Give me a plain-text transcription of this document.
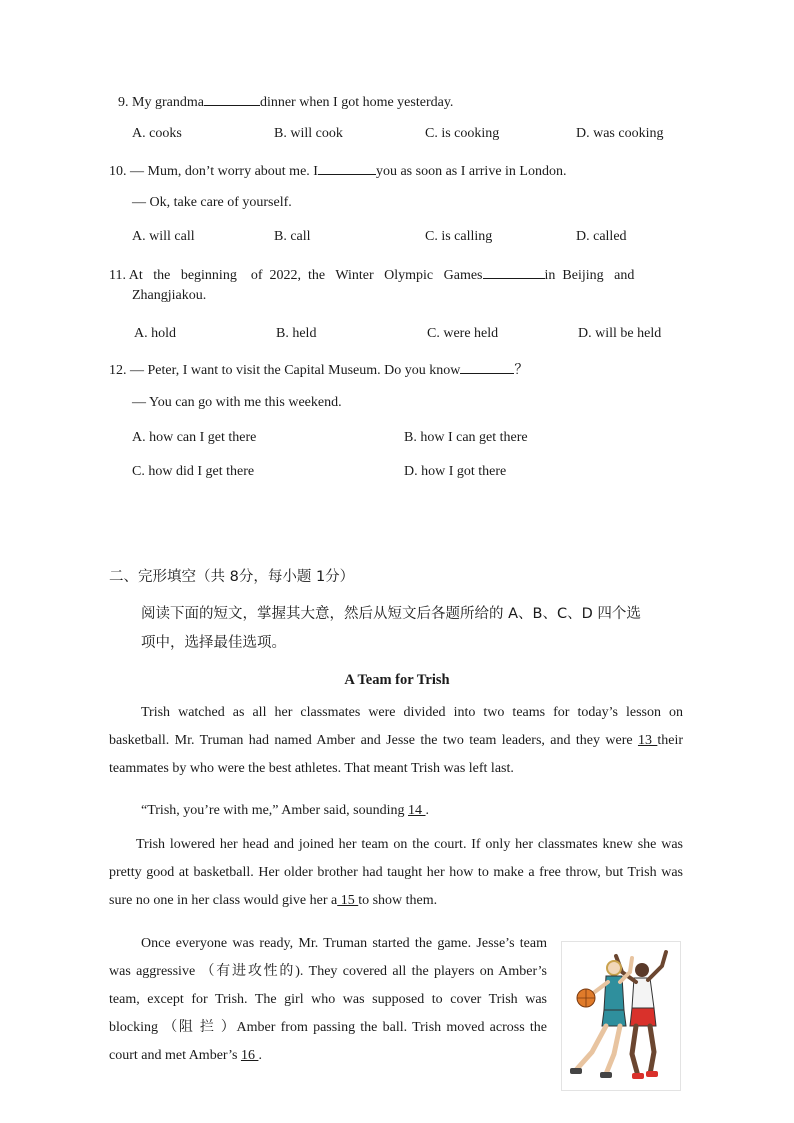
9. My grandma	dinner when I got home yesterday.
A. cooks	B. will cook	C. is cooking	D. was cooking
10. — Mum, don’t worry about me. I	you as soon as I arrive in London.
— Ok, take care of yourself.
A. will call	B. call	C. is calling	D. called
11. At   the   beginning    of  2022,  the   Winter   Olympic   Games	in  Beijing   and
Zhangjiakou.
A. hold	B. held	C. were held	D. will be held
12. — Peter, I want to visit the Capital Museum. Do you know	？
— You can go with me this weekend.
A. how can I get there	B. how I can get there
C. how did I get there	D. how I got there
二、完形填空（共 8分，每小题 1分）
阅读下面的短文，掌握其大意，然后从短文后各题所给的 A、B、C、D 四个选
项中，选择最佳选项。
A Team for Trish
Trish watched as all her classmates were divided into two teams for today’s lesson on basketball. Mr. Truman had named Amber and Jesse the two team leaders, and they were 13 their teammates by who were the best athletes. That meant Trish was left last.
“Trish, you’re with me,” Amber said, sounding 14 .
Trish lowered her head and joined her team on the court. If only her classmates knew she was pretty good at basketball. Her older brother had taught her how to make a free throw, but Trish was sure no one in her class would give her a 15 to show them.
Once everyone was ready, Mr. Truman started the game. Jesse’s team was aggressive （有进攻性的). They covered all the players on Amber’s team, except for Trish. The girl who was supposed to cover Trish was blocking （阻 拦 ）Amber from passing the ball. Trish moved across the court and met Amber’s 16 .
